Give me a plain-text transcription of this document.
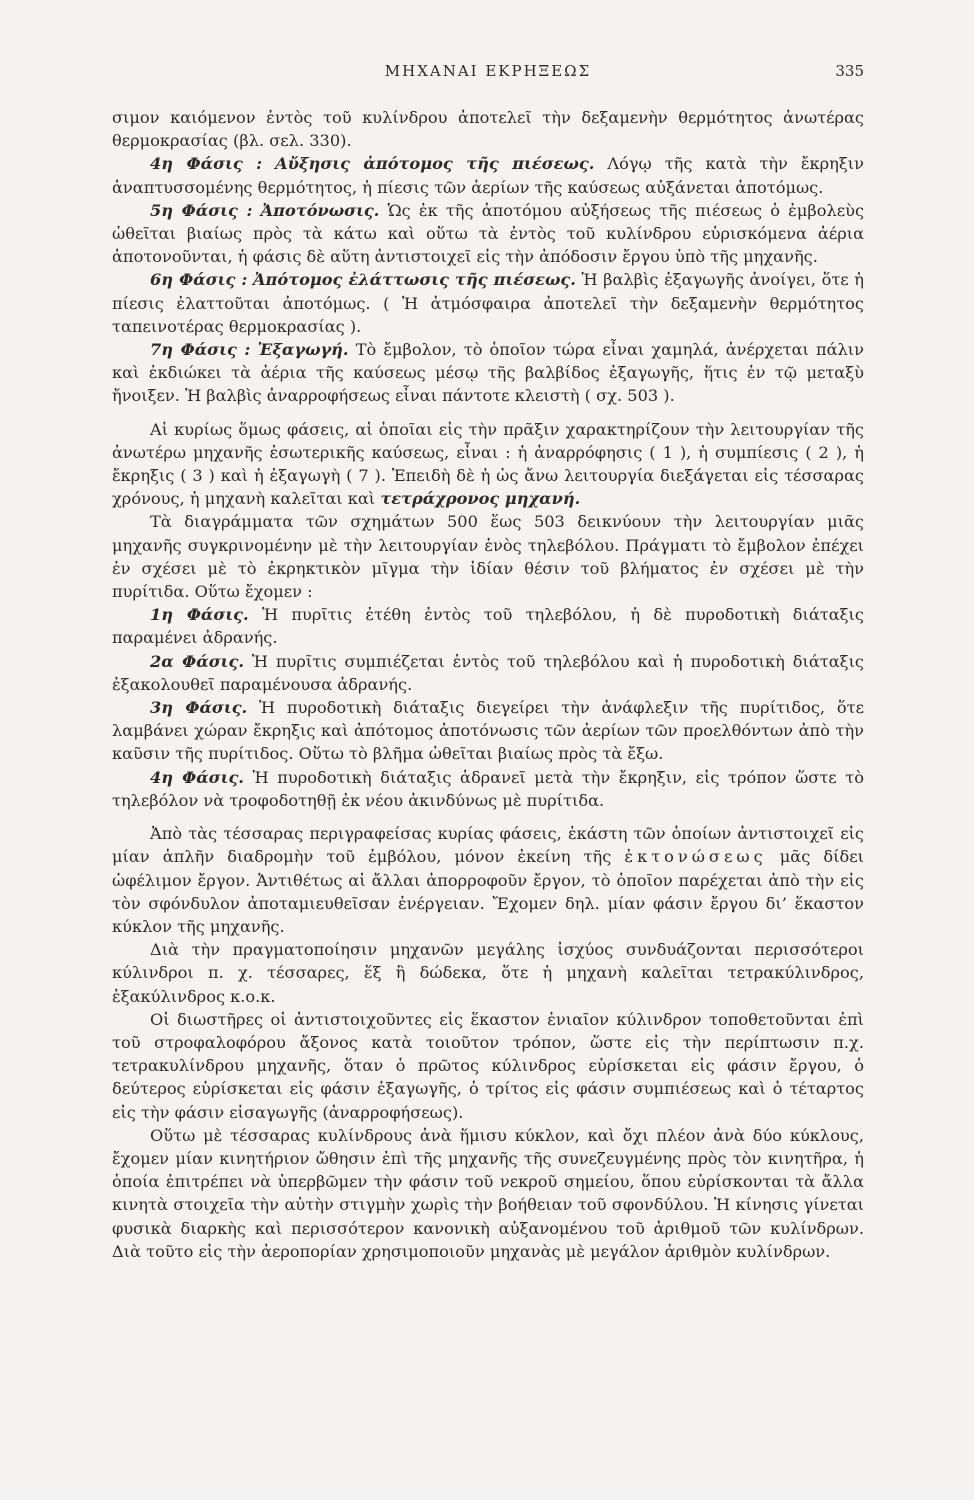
ΜΗΧΑΝΑΙ ΕΚΡΗΞΕΩΣ	335

σιμον καιόμενον ἐντὸς τοῦ κυλίνδρου ἀποτελεῖ τὴν δεξαμενὴν θερμότητος ἀνωτέρας θερμοκρασίας (βλ. σελ. 330).

4η Φάσις : Αὔξησις ἀπότομος τῆς πιέσεως. Λόγῳ τῆς κατὰ τὴν ἔκρηξιν ἀναπτυσσομένης θερμότητος, ἡ πίεσις τῶν ἀερίων τῆς καύσεως αὐξάνεται ἀποτόμως.

5η Φάσις : Ἀποτόνωσις. Ὡς ἐκ τῆς ἀποτόμου αὐξήσεως τῆς πιέσεως ὁ ἐμβολεὺς ὠθεῖται βιαίως πρὸς τὰ κάτω καὶ οὕτω τὰ ἐντὸς τοῦ κυλίνδρου εὑρισκόμενα ἀέρια ἀποτονοῦνται, ἡ φάσις δὲ αὕτη ἀντιστοιχεῖ εἰς τὴν ἀπόδοσιν ἔργου ὑπὸ τῆς μηχανῆς.

6η Φάσις : Ἀπότομος ἐλάττωσις τῆς πιέσεως. Ἡ βαλβὶς ἐξαγωγῆς ἀνοίγει, ὅτε ἡ πίεσις ἐλαττοῦται ἀποτόμως. ( Ἡ ἀτμόσφαιρα ἀποτελεῖ τὴν δεξαμενὴν θερμότητος ταπεινοτέρας θερμοκρασίας ).

7η Φάσις : Ἐξαγωγή. Τὸ ἔμβολον, τὸ ὁποῖον τώρα εἶναι χαμηλά, ἀνέρχεται πάλιν καὶ ἐκδιώκει τὰ ἀέρια τῆς καύσεως μέσῳ τῆς βαλβίδος ἐξαγωγῆς, ἥτις ἐν τῷ μεταξὺ ἤνοιξεν. Ἡ βαλβὶς ἀναρροφήσεως εἶναι πάντοτε κλειστὴ ( σχ. 503 ).

Αἱ κυρίως ὅμως φάσεις, αἱ ὁποῖαι εἰς τὴν πρᾶξιν χαρακτηρίζουν τὴν λειτουργίαν τῆς ἀνωτέρω μηχανῆς ἐσωτερικῆς καύσεως, εἶναι : ἡ ἀναρρόφησις ( 1 ), ἡ συμπίεσις ( 2 ), ἡ ἔκρηξις ( 3 ) καὶ ἡ ἐξαγωγὴ ( 7 ). Ἐπειδὴ δὲ ἡ ὡς ἄνω λειτουργία διεξάγεται εἰς τέσσαρας χρόνους, ἡ μηχανὴ καλεῖται καὶ τετράχρονος μηχανή.

Τὰ διαγράμματα τῶν σχημάτων 500 ἕως 503 δεικνύουν τὴν λειτουργίαν μιᾶς μηχανῆς συγκρινομένην μὲ τὴν λειτουργίαν ἑνὸς τηλεβόλου. Πράγματι τὸ ἔμβολον ἐπέχει ἐν σχέσει μὲ τὸ ἐκρηκτικὸν μῖγμα τὴν ἰδίαν θέσιν τοῦ βλήματος ἐν σχέσει μὲ τὴν πυρίτιδα. Οὕτω ἔχομεν :

1η Φάσις. Ἡ πυρῖτις ἐτέθη ἐντὸς τοῦ τηλεβόλου, ἡ δὲ πυροδοτικὴ διάταξις παραμένει ἀδρανής.

2α Φάσις. Ἡ πυρῖτις συμπιέζεται ἐντὸς τοῦ τηλεβόλου καὶ ἡ πυροδοτικὴ διάταξις ἐξακολουθεῖ παραμένουσα ἀδρανής.

3η Φάσις. Ἡ πυροδοτικὴ διάταξις διεγείρει τὴν ἀνάφλεξιν τῆς πυρίτιδος, ὅτε λαμβάνει χώραν ἔκρηξις καὶ ἀπότομος ἀποτόνωσις τῶν ἀερίων τῶν προελθόντων ἀπὸ τὴν καῦσιν τῆς πυρίτιδος. Οὕτω τὸ βλῆμα ὠθεῖται βιαίως πρὸς τὰ ἔξω.

4η Φάσις. Ἡ πυροδοτικὴ διάταξις ἀδρανεῖ μετὰ τὴν ἔκρηξιν, εἰς τρόπον ὥστε τὸ τηλεβόλον νὰ τροφοδοτηθῇ ἐκ νέου ἀκινδύνως μὲ πυρίτιδα.

Ἀπὸ τὰς τέσσαρας περιγραφείσας κυρίας φάσεις, ἑκάστη τῶν ὁποίων ἀντιστοιχεῖ εἰς μίαν ἁπλῆν διαδρομὴν τοῦ ἐμβόλου, μόνον ἐκείνη τῆς ἐκτονώσεως μᾶς δίδει ὠφέλιμον ἔργον. Ἀντιθέτως αἱ ἄλλαι ἀπορροφοῦν ἔργον, τὸ ὁποῖον παρέχεται ἀπὸ τὴν εἰς τὸν σφόνδυλον ἀποταμιευθεῖσαν ἐνέργειαν. Ἔχομεν δηλ. μίαν φάσιν ἔργου δι’ ἕκαστον κύκλον τῆς μηχανῆς.

Διὰ τὴν πραγματοποίησιν μηχανῶν μεγάλης ἰσχύος συνδυάζονται περισσότεροι κύλινδροι π. χ. τέσσαρες, ἕξ ἢ δώδεκα, ὅτε ἡ μηχανὴ καλεῖται τετρακύλινδρος, ἑξακύλινδρος κ.ο.κ.

Οἱ διωστῆρες οἱ ἀντιστοιχοῦντες εἰς ἕκαστον ἑνιαῖον κύλινδρον τοποθετοῦνται ἐπὶ τοῦ στροφαλοφόρου ἄξονος κατὰ τοιοῦτον τρόπον, ὥστε εἰς τὴν περίπτωσιν π.χ. τετρακυλίνδρου μηχανῆς, ὅταν ὁ πρῶτος κύλινδρος εὑρίσκεται εἰς φάσιν ἔργου, ὁ δεύτερος εὑρίσκεται εἰς φάσιν ἐξαγωγῆς, ὁ τρίτος εἰς φάσιν συμπιέσεως καὶ ὁ τέταρτος εἰς τὴν φάσιν εἰσαγωγῆς (ἀναρροφήσεως).

Οὕτω μὲ τέσσαρας κυλίνδρους ἀνὰ ἥμισυ κύκλον, καὶ ὄχι πλέον ἀνὰ δύο κύκλους, ἔχομεν μίαν κινητήριον ὤθησιν ἐπὶ τῆς μηχανῆς τῆς συνεζευγμένης πρὸς τὸν κινητῆρα, ἡ ὁποία ἐπιτρέπει νὰ ὑπερβῶμεν τὴν φάσιν τοῦ νεκροῦ σημείου, ὅπου εὑρίσκονται τὰ ἄλλα κινητὰ στοιχεῖα τὴν αὐτὴν στιγμὴν χωρὶς τὴν βοήθειαν τοῦ σφονδύλου. Ἡ κίνησις γίνεται φυσικὰ διαρκὴς καὶ περισσότερον κανονικὴ αὐξανομένου τοῦ ἀριθμοῦ τῶν κυλίνδρων. Διὰ τοῦτο εἰς τὴν ἀεροπορίαν χρησιμοποιοῦν μηχανὰς μὲ μεγάλον ἀριθμὸν κυλίνδρων.
